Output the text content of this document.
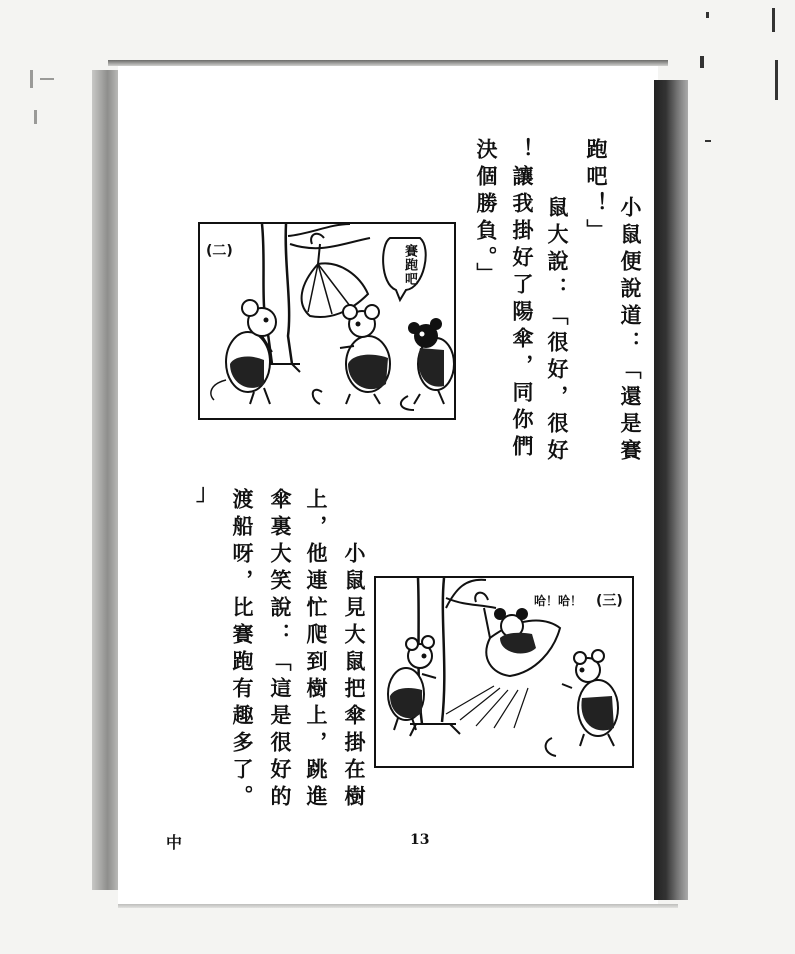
小鼠便說道：「還是賽
跑吧！」
鼠大說：「很好，很好
！讓我掛好了陽傘，同你們
決個勝負。」
(二)	賽跑吧
小鼠見大鼠把傘掛在樹
上，他連忙爬到樹上，跳進
傘裏大笑說：「這是很好的
渡船呀，比賽跑有趣多了。
」
哈！哈！ (三)
中	13
